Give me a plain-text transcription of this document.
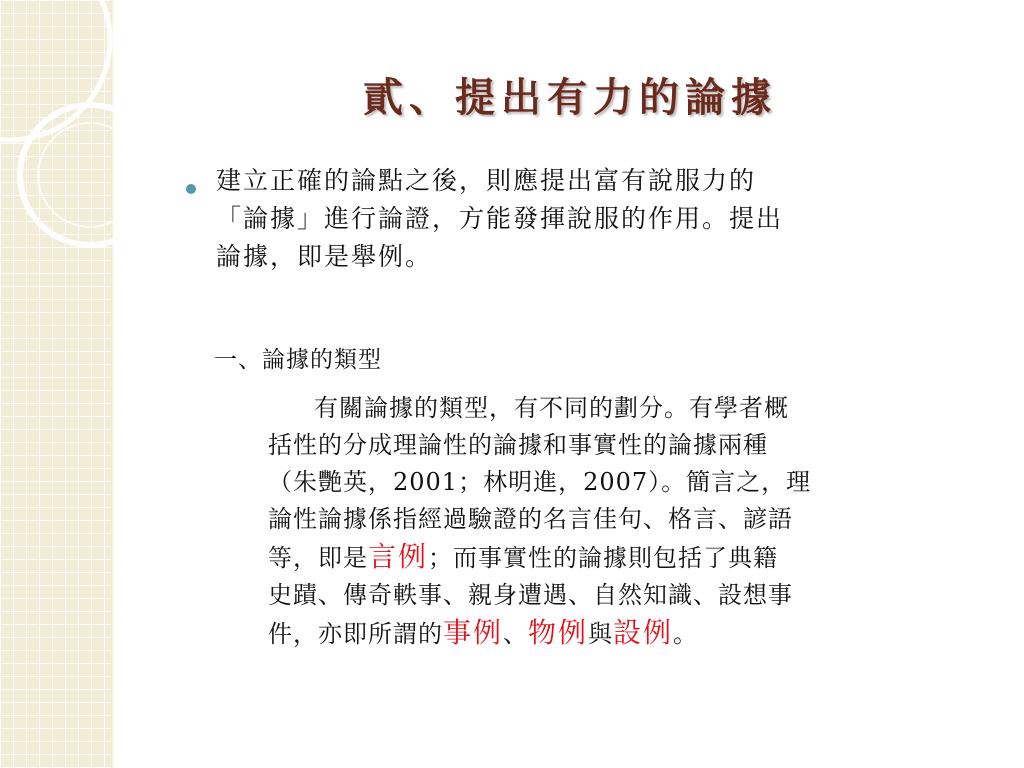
貳、提出有力的論據
建立正確的論點之後，則應提出富有說服力的
「論據」進行論證，方能發揮說服的作用。提出
論據，即是舉例。
一、論據的類型
有關論據的類型，有不同的劃分。有學者概
括性的分成理論性的論據和事實性的論據兩種
（朱艷英，2001；林明進，2007）。簡言之，理
論性論據係指經過驗證的名言佳句、格言、諺語
等，即是言例；而事實性的論據則包括了典籍
史蹟、傳奇軼事、親身遭遇、自然知識、設想事
件，亦即所謂的事例、物例與設例。
